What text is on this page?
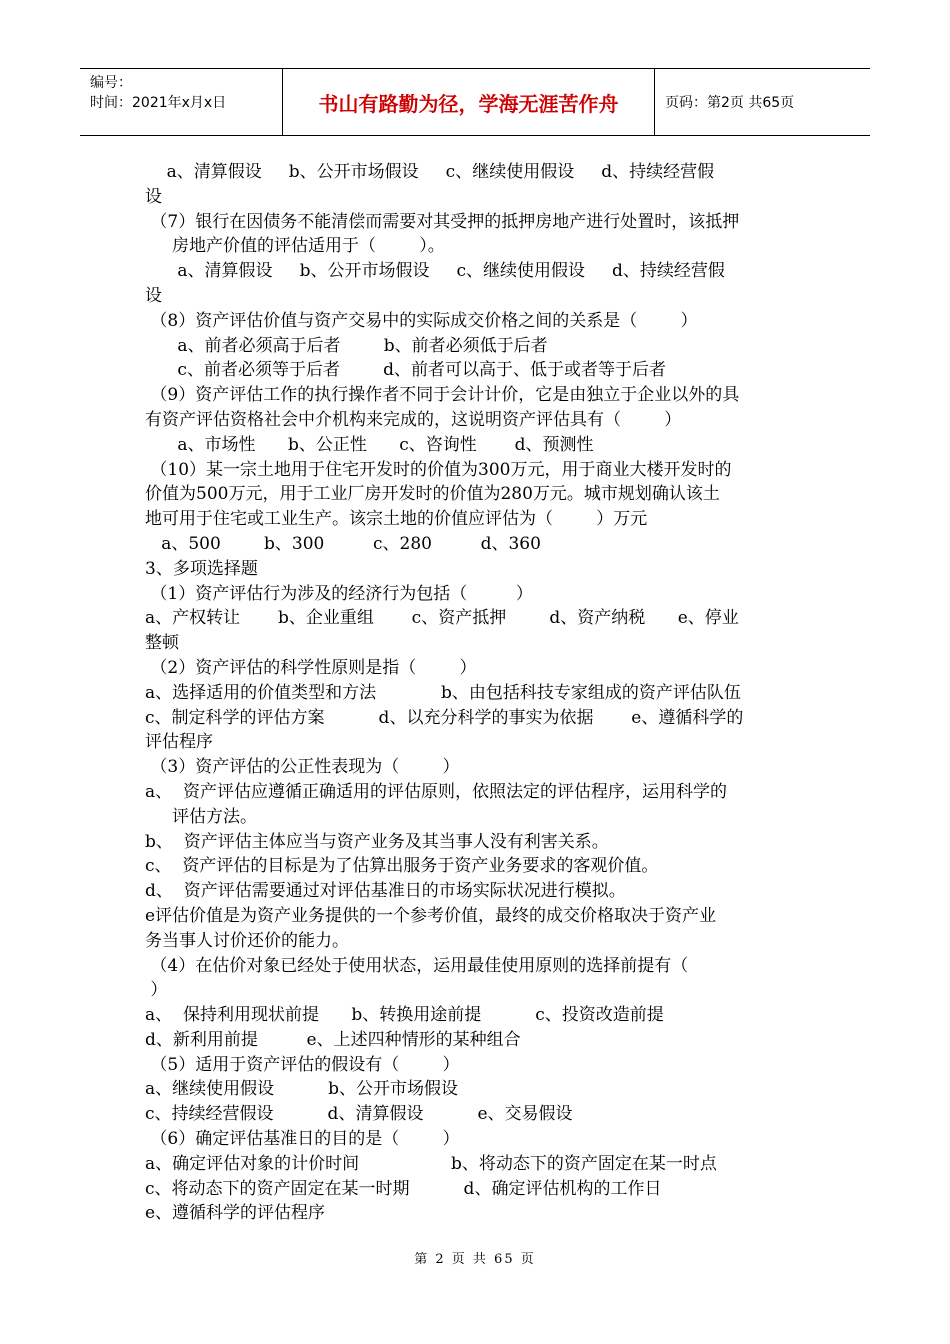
编号：
时间：2021年x月x日	书山有路勤为径，学海无涯苦作舟	页码：第2页 共65页
a、清算假设     b、公开市场假设     c、继续使用假设     d、持续经营假
设
（7）银行在因债务不能清偿而需要对其受押的抵押房地产进行处置时，该抵押
房地产价值的评估适用于（        ）。
a、清算假设     b、公开市场假设     c、继续使用假设     d、持续经营假
设
（8）资产评估价值与资产交易中的实际成交价格之间的关系是（        ）
a、前者必须高于后者        b、前者必须低于后者
c、前者必须等于后者        d、前者可以高于、低于或者等于后者
（9）资产评估工作的执行操作者不同于会计计价，它是由独立于企业以外的具
有资产评估资格社会中介机构来完成的，这说明资产评估具有（        ）
a、市场性      b、公正性      c、咨询性       d、预测性
（10）某一宗土地用于住宅开发时的价值为300万元，用于商业大楼开发时的
价值为500万元，用于工业厂房开发时的价值为280万元。城市规划确认该土
地可用于住宅或工业生产。该宗土地的价值应评估为（        ）万元
a、500        b、300         c、280         d、360
3、多项选择题
（1）资产评估行为涉及的经济行为包括（         ）
a、产权转让       b、企业重组       c、资产抵押        d、资产纳税      e、停业
整顿
（2）资产评估的科学性原则是指（        ）
a、选择适用的价值类型和方法            b、由包括科技专家组成的资产评估队伍
c、制定科学的评估方案          d、以充分科学的事实为依据       e、遵循科学的
评估程序
（3）资产评估的公正性表现为（        ）
a、  资产评估应遵循正确适用的评估原则，依照法定的评估程序，运用科学的
评估方法。
b、  资产评估主体应当与资产业务及其当事人没有利害关系。
c、  资产评估的目标是为了估算出服务于资产业务要求的客观价值。
d、  资产评估需要通过对评估基准日的市场实际状况进行模拟。
e评估价值是为资产业务提供的一个参考价值，最终的成交价格取决于资产业
务当事人讨价还价的能力。
（4）在估价对象已经处于使用状态，运用最佳使用原则的选择前提有（
）
a、  保持利用现状前提      b、转换用途前提          c、投资改造前提
d、新利用前提         e、上述四种情形的某种组合
（5）适用于资产评估的假设有（        ）
a、继续使用假设          b、公开市场假设
c、持续经营假设          d、清算假设          e、交易假设
（6）确定评估基准日的目的是（        ）
a、确定评估对象的计价时间                 b、将动态下的资产固定在某一时点
c、将动态下的资产固定在某一时期          d、确定评估机构的工作日
e、遵循科学的评估程序
第 2 页 共 65 页
